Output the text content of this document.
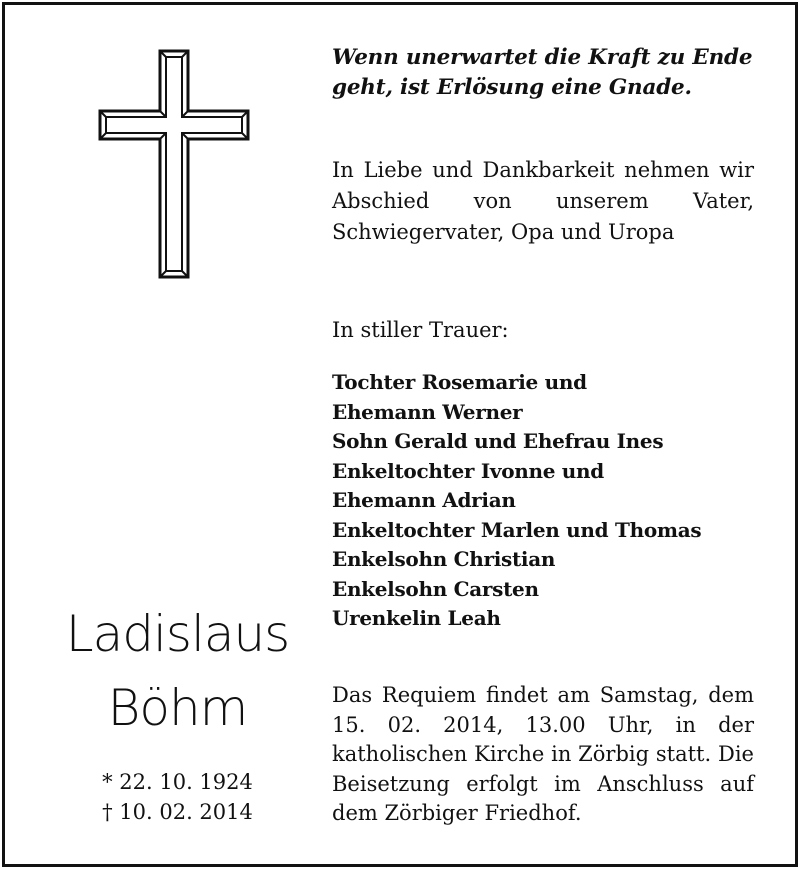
Wenn unerwartet die Kraft zu Ende geht, ist Erlösung eine Gnade.

In Liebe und Dankbarkeit nehmen wir Abschied von unserem Vater, Schwiegervater, Opa und Uropa

In stiller Trauer:

Tochter Rosemarie und
Ehemann Werner
Sohn Gerald und Ehefrau Ines
Enkeltochter Ivonne und
Ehemann Adrian
Enkeltochter Marlen und Thomas
Enkelsohn Christian
Enkelsohn Carsten
Urenkelin Leah

Das Requiem findet am Samstag, dem 15. 02. 2014, 13.00 Uhr, in der katholischen Kirche in Zörbig statt. Die Beisetzung erfolgt im Anschluss auf dem Zörbiger Friedhof.

Ladislaus
Böhm
* 22. 10. 1924
† 10. 02. 2014
